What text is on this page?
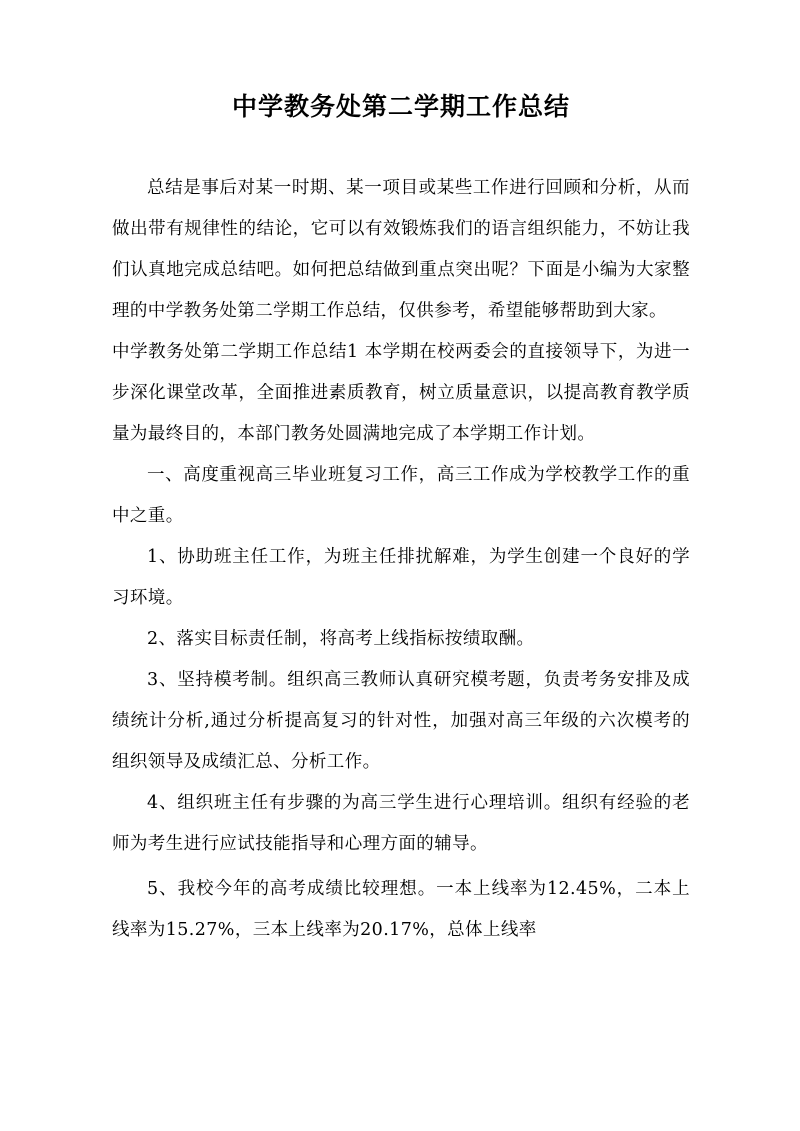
中学教务处第二学期工作总结

总结是事后对某一时期、某一项目或某些工作进行回顾和分析，从而做出带有规律性的结论，它可以有效锻炼我们的语言组织能力，不妨让我们认真地完成总结吧。如何把总结做到重点突出呢？下面是小编为大家整理的中学教务处第二学期工作总结，仅供参考，希望能够帮助到大家。

中学教务处第二学期工作总结1 本学期在校两委会的直接领导下，为进一步深化课堂改革，全面推进素质教育，树立质量意识，以提高教育教学质量为最终目的，本部门教务处圆满地完成了本学期工作计划。

一、高度重视高三毕业班复习工作，高三工作成为学校教学工作的重中之重。

1、协助班主任工作，为班主任排扰解难，为学生创建一个良好的学习环境。

2、落实目标责任制，将高考上线指标按绩取酬。

3、坚持模考制。组织高三教师认真研究模考题，负责考务安排及成绩统计分析,通过分析提高复习的针对性，加强对高三年级的六次模考的组织领导及成绩汇总、分析工作。

4、组织班主任有步骤的为高三学生进行心理培训。组织有经验的老师为考生进行应试技能指导和心理方面的辅导。

5、我校今年的高考成绩比较理想。一本上线率为12.45%，二本上线率为15.27%，三本上线率为20.17%，总体上线率
